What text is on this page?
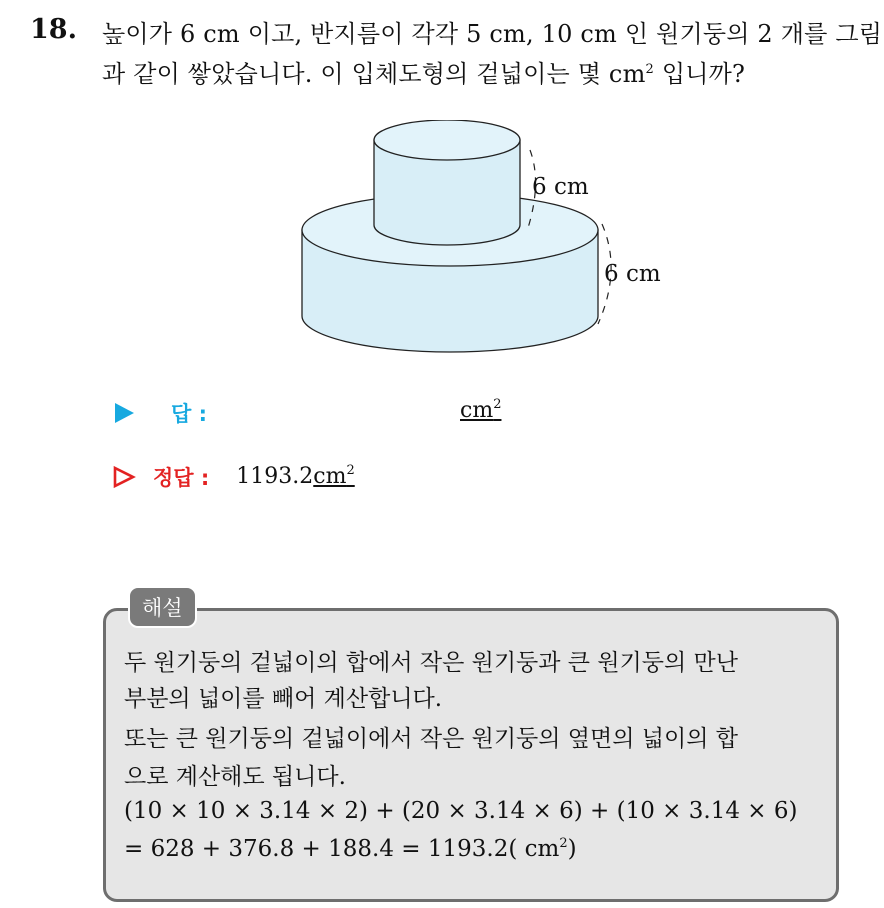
18. 높이가 6 cm 이고, 반지름이 각각 5 cm, 10 cm 인 원기둥의 2 개를 그림
과 같이 쌓았습니다. 이 입체도형의 겉넓이는 몇 $cm^2$ 입니까?
6 cm
6 cm
답 :	$cm^2$
정답 : $1193.2cm^2$
해설
두 원기둥의 겉넓이의 합에서 작은 원기둥과 큰 원기둥의 만난
부분의 넓이를 빼어 계산합니다.
또는 큰 원기둥의 겉넓이에서 작은 원기둥의 옆면의 넓이의 합
으로 계산해도 됩니다.
(10 × 10 × 3.14 × 2) + (20 × 3.14 × 6) + (10 × 3.14 × 6)
= 628 + 376.8 + 188.4 = 1193.2( $cm^2$)
